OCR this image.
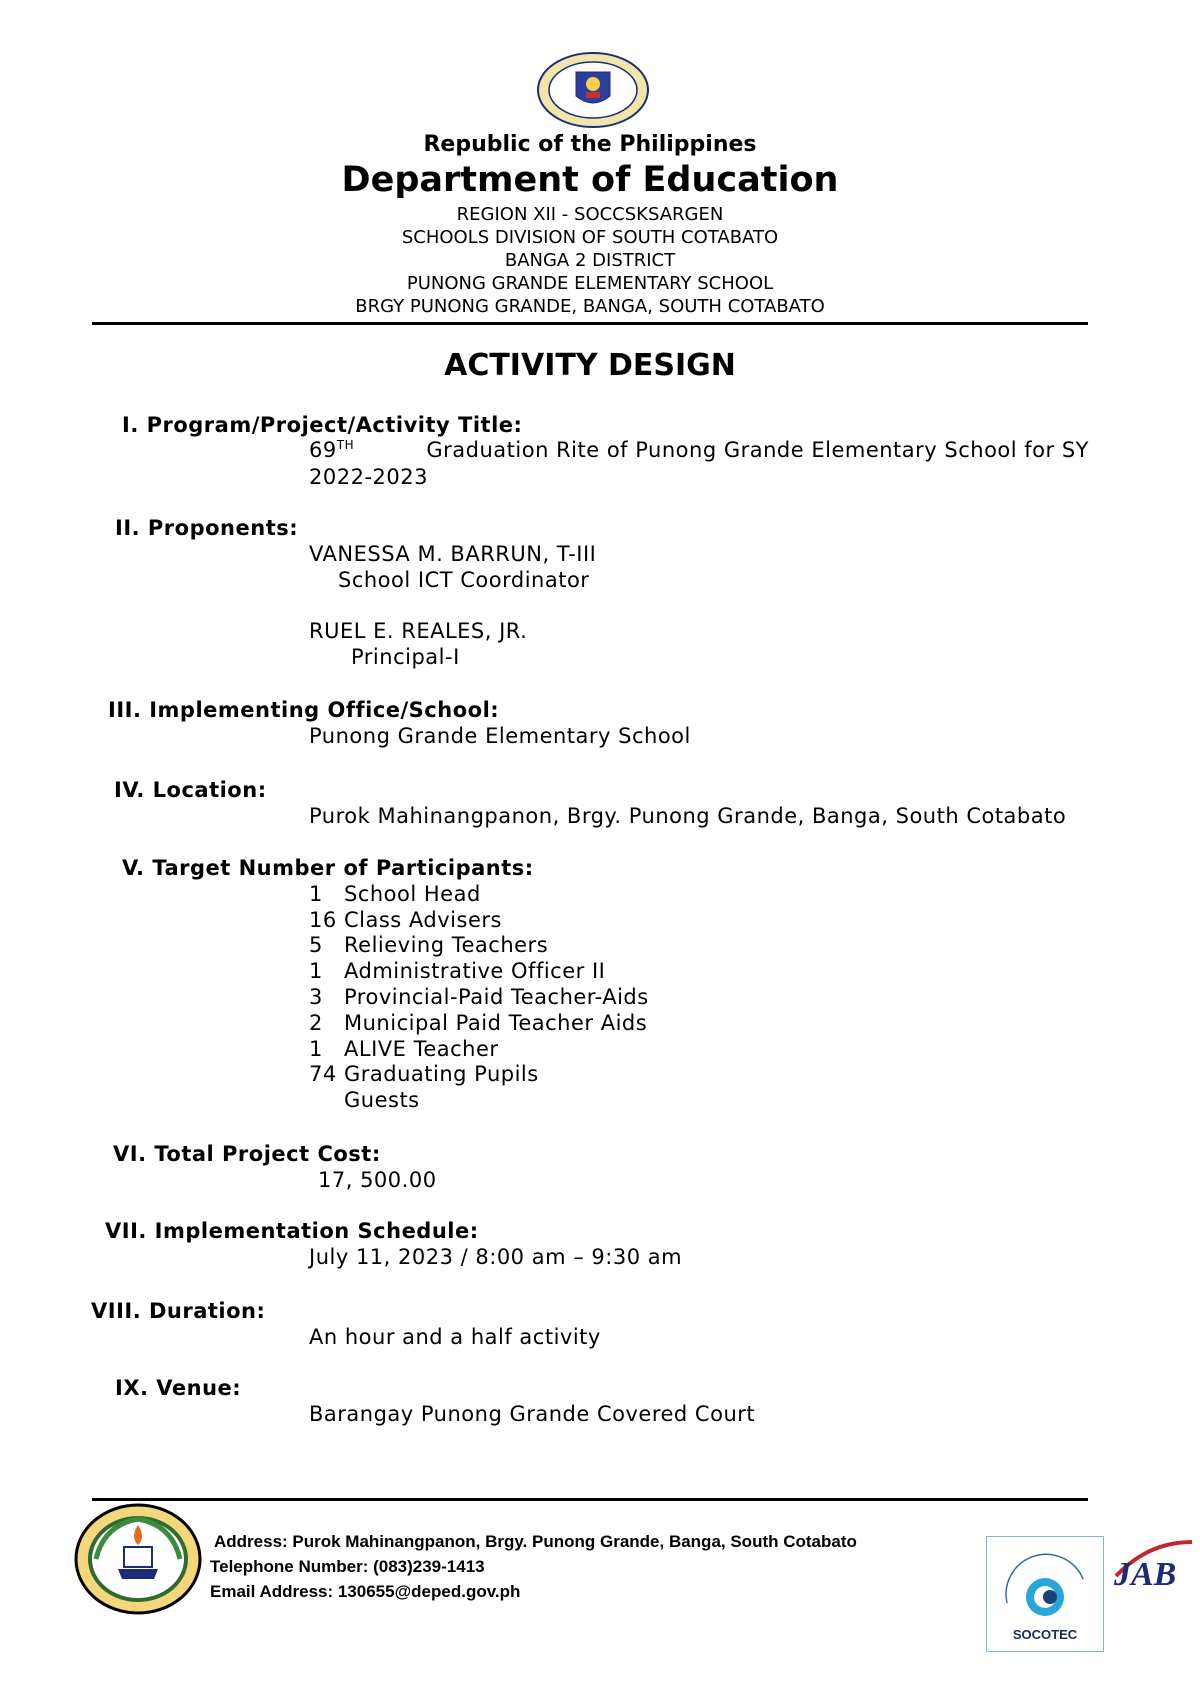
Republic of the Philippines
Department of Education
REGION XII - SOCCSKSARGEN
SCHOOLS DIVISION OF SOUTH COTABATO
BANGA 2 DISTRICT
PUNONG GRANDE ELEMENTARY SCHOOL
BRGY PUNONG GRANDE, BANGA, SOUTH COTABATO
ACTIVITY DESIGN
I. Program/Project/Activity Title:
69TH	Graduation Rite of Punong Grande Elementary School for SY
2022-2023
II. Proponents:
VANESSA M. BARRUN, T-III
School ICT Coordinator
RUEL E. REALES, JR.
Principal-I
III. Implementing Office/School:
Punong Grande Elementary School
IV. Location:
Purok Mahinangpanon, Brgy. Punong Grande, Banga, South Cotabato
V. Target Number of Participants:
1 School Head
16 Class Advisers
5 Relieving Teachers
1 Administrative Officer II
3 Provincial-Paid Teacher-Aids
2 Municipal Paid Teacher Aids
1 ALIVE Teacher
74 Graduating Pupils
Guests
VI. Total Project Cost:
17, 500.00
VII. Implementation Schedule:
July 11, 2023 / 8:00 am – 9:30 am
VIII. Duration:
An hour and a half activity
IX. Venue:
Barangay Punong Grande Covered Court
Address: Purok Mahinangpanon, Brgy. Punong Grande, Banga, South Cotabato
Telephone Number: (083)239-1413
Email Address: 130655@deped.gov.ph
SOCOTEC
JAB
